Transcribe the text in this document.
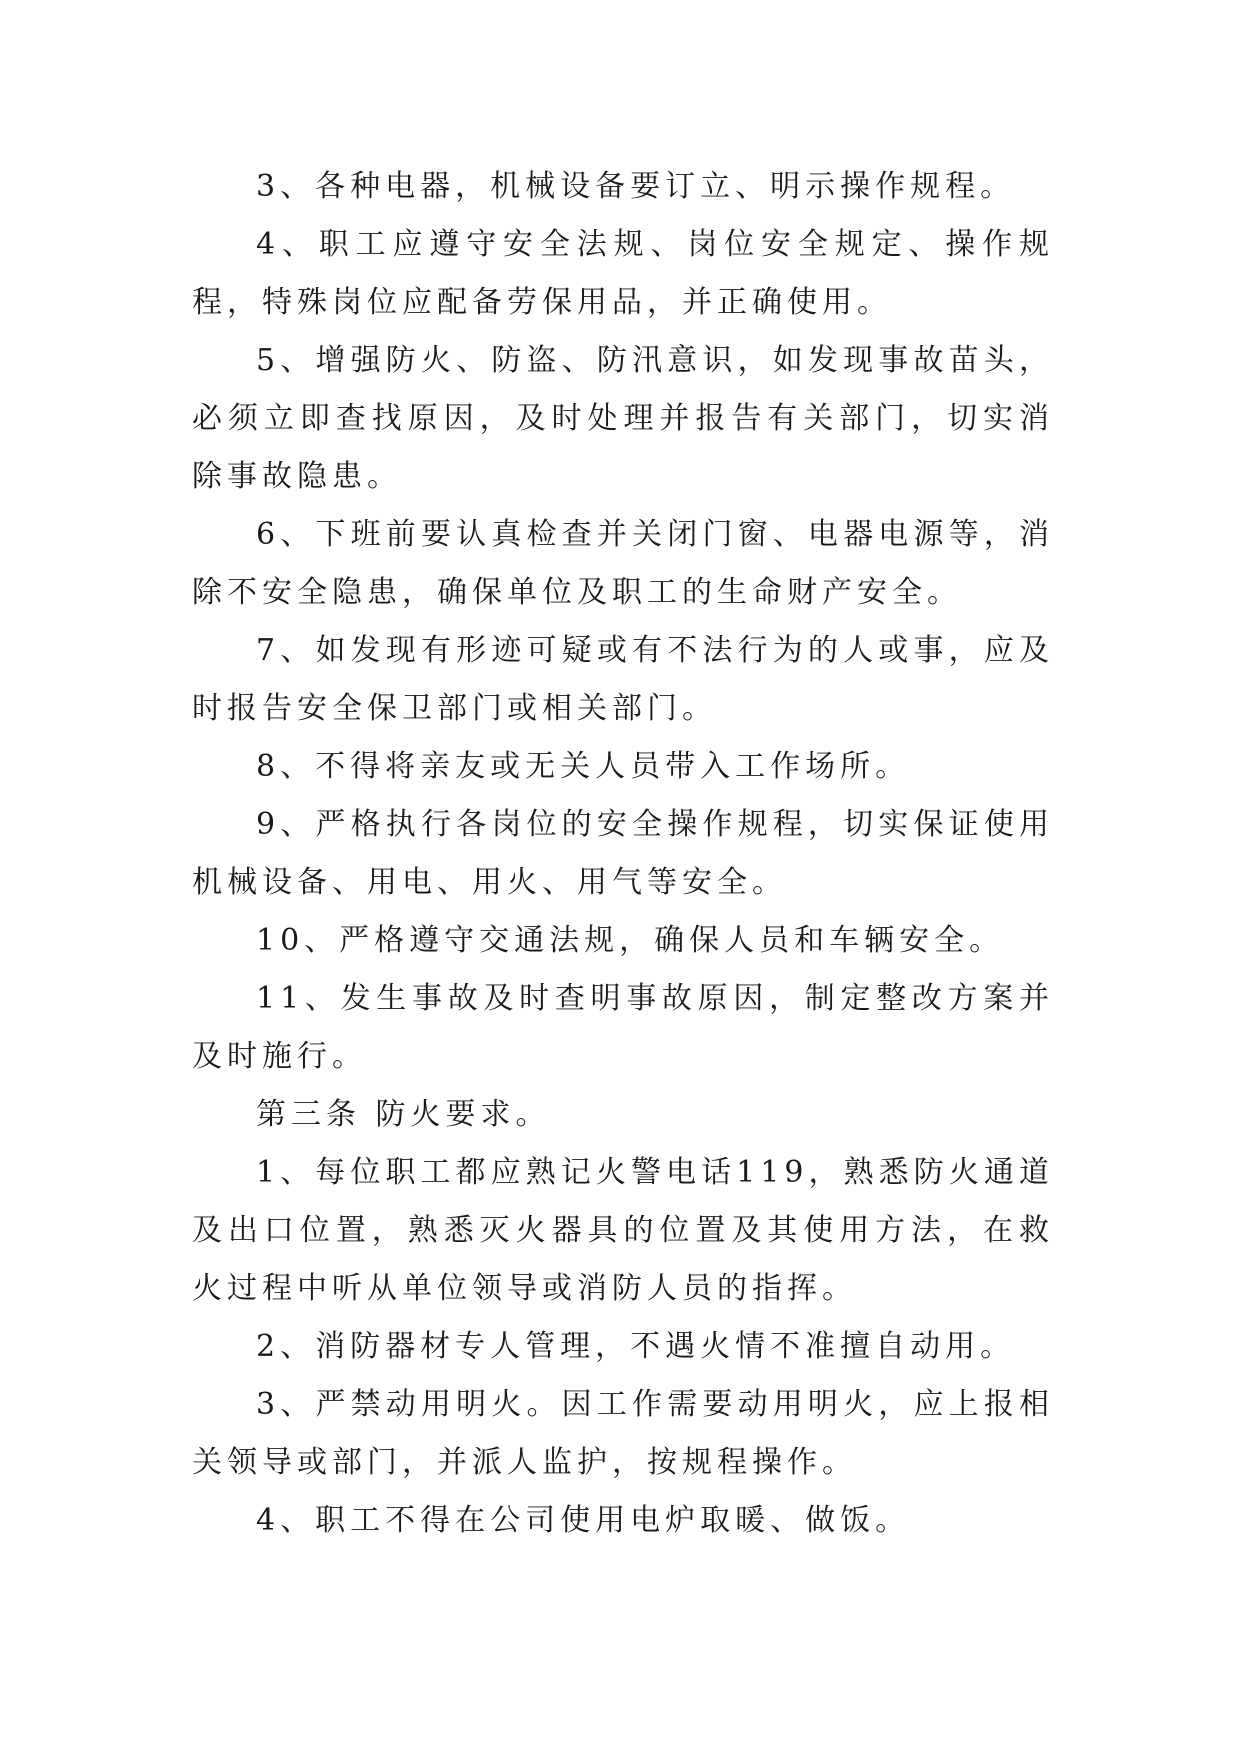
3、各种电器，机械设备要订立、明示操作规程。

4、职工应遵守安全法规、岗位安全规定、操作规程，特殊岗位应配备劳保用品，并正确使用。

5、增强防火、防盗、防汛意识，如发现事故苗头，必须立即查找原因，及时处理并报告有关部门，切实消除事故隐患。

6、下班前要认真检查并关闭门窗、电器电源等，消除不安全隐患，确保单位及职工的生命财产安全。

7、如发现有形迹可疑或有不法行为的人或事，应及时报告安全保卫部门或相关部门。

8、不得将亲友或无关人员带入工作场所。

9、严格执行各岗位的安全操作规程，切实保证使用机械设备、用电、用火、用气等安全。

10、严格遵守交通法规，确保人员和车辆安全。

11、发生事故及时查明事故原因，制定整改方案并及时施行。

第三条 防火要求。

1、每位职工都应熟记火警电话119，熟悉防火通道及出口位置，熟悉灭火器具的位置及其使用方法，在救火过程中听从单位领导或消防人员的指挥。

2、消防器材专人管理，不遇火情不准擅自动用。

3、严禁动用明火。因工作需要动用明火，应上报相关领导或部门，并派人监护，按规程操作。

4、职工不得在公司使用电炉取暖、做饭。
